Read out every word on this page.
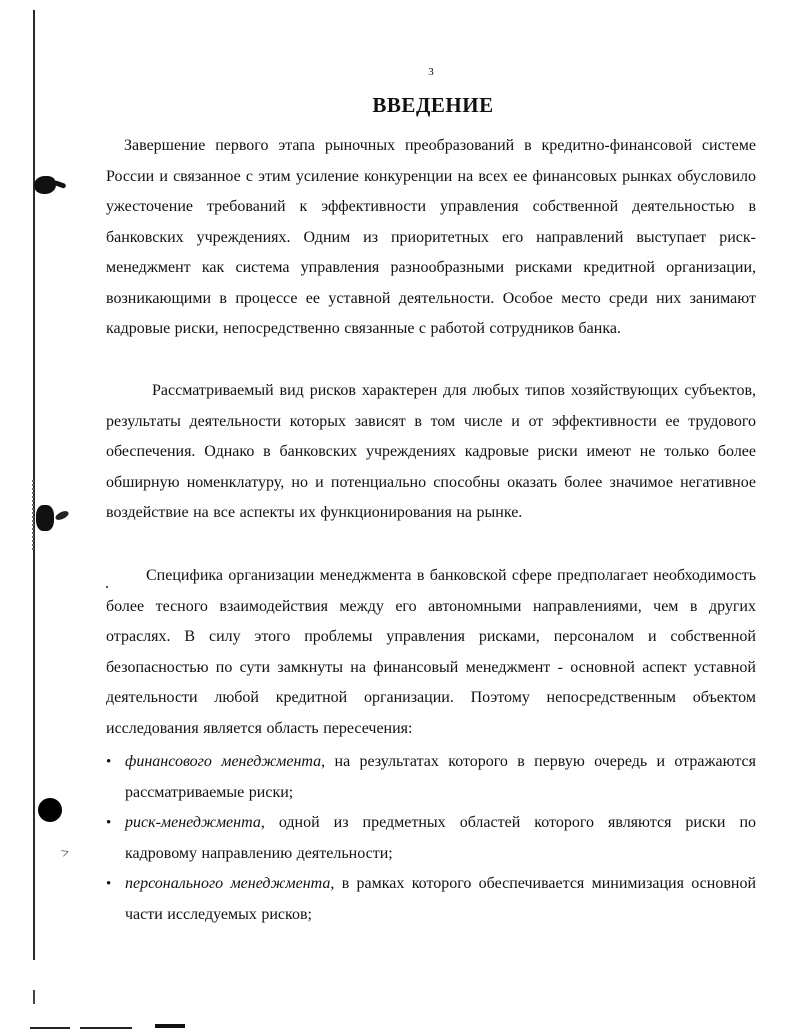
˃
3
ВВЕДЕНИЕ

Завершение первого этапа рыночных преобразований в кредитно-финансовой системе России и связанное с этим усиление конкуренции на всех ее финансовых рынках обусловило ужесточение требований к эффективности управления собственной деятельностью в банковских учреждениях. Одним из приоритетных его направлений выступает риск-менеджмент как система управления разнообразными рисками кредитной организации, возникающими в процессе ее уставной деятельности. Особое место среди них занимают кадровые риски, непосредственно связанные с работой сотрудников банка.

Рассматриваемый вид рисков характерен для любых типов хозяйствующих субъектов, результаты деятельности которых зависят в том числе и от эффективности ее трудового обеспечения. Однако в банковских учреждениях кадровые риски имеют не только более обширную номенклатуру, но и потенциально способны оказать более значимое негативное воздействие на все аспекты их функционирования на рынке.

Специфика организации менеджмента в банковской сфере предполагает необходимость более тесного взаимодействия между его автономными направлениями, чем в других отраслях. В силу этого проблемы управления рисками, персоналом и собственной безопасностью по сути замкнуты на финансовый менеджмент - основной аспект уставной деятельности любой кредитной организации. Поэтому непосредственным объектом исследования является область пересечения:

• финансового менеджмента, на результатах которого в первую очередь и отражаются рассматриваемые риски;
• риск-менеджмента, одной из предметных областей которого являются риски по кадровому направлению деятельности;
• персонального менеджмента, в рамках которого обеспечивается минимизация основной части исследуемых рисков;
